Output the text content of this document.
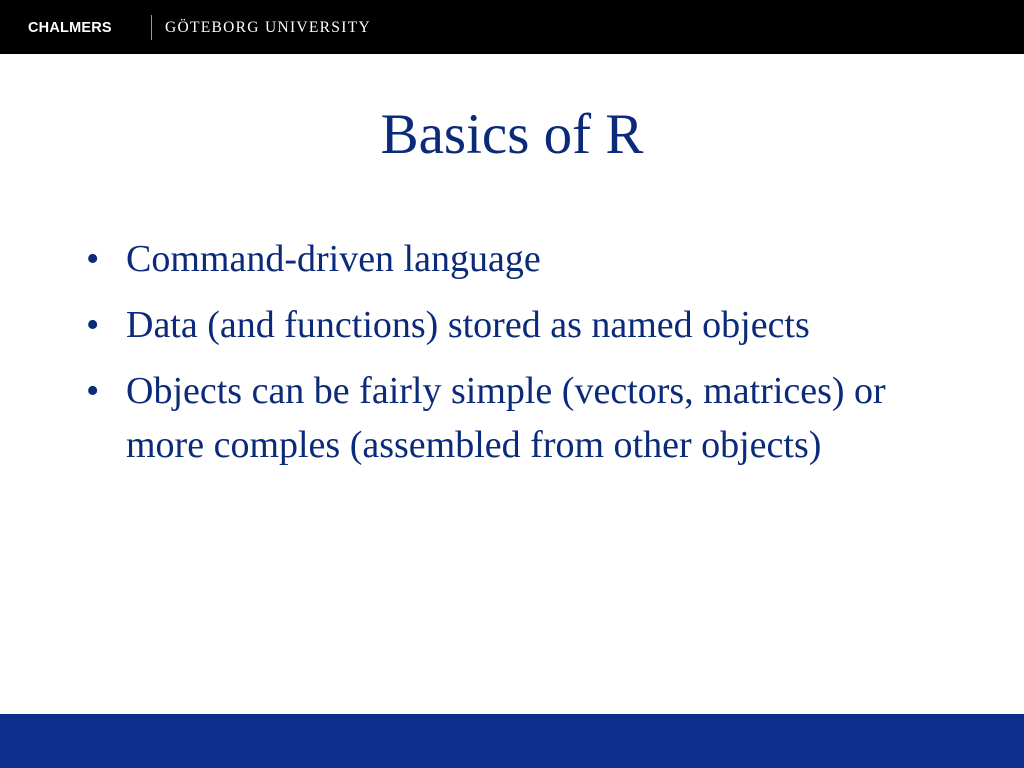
CHALMERS	GÖTEBORG UNIVERSITY
Basics of R
• Command-driven language
• Data (and functions) stored as named objects
• Objects can be fairly simple (vectors, matrices) or more comples (assembled from other objects)
